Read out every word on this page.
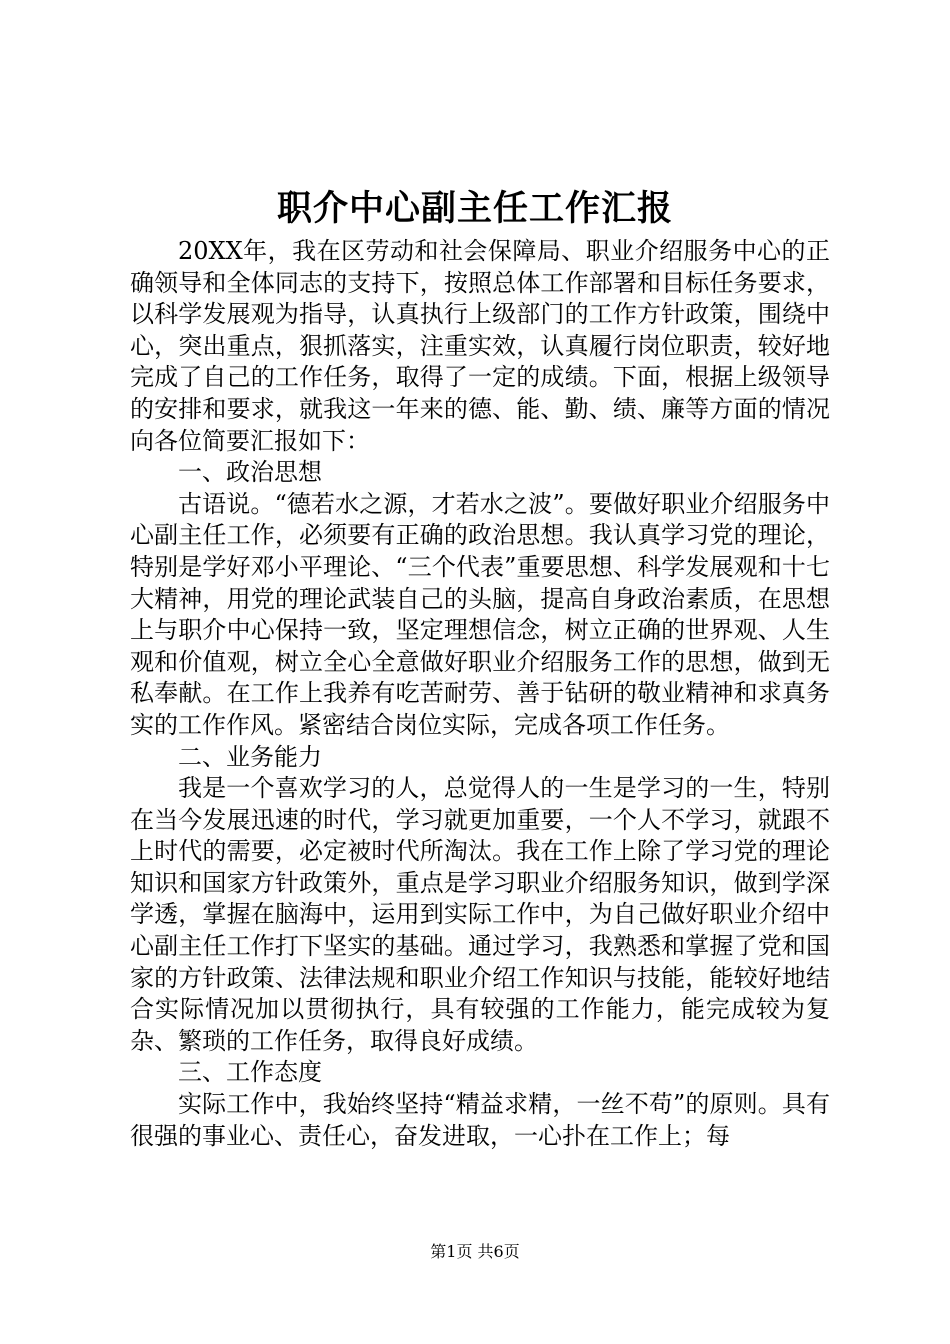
职介中心副主任工作汇报

20XX年，我在区劳动和社会保障局、职业介绍服务中心的正确领导和全体同志的支持下，按照总体工作部署和目标任务要求，以科学发展观为指导，认真执行上级部门的工作方针政策，围绕中心，突出重点，狠抓落实，注重实效，认真履行岗位职责，较好地完成了自己的工作任务，取得了一定的成绩。下面，根据上级领导的安排和要求，就我这一年来的德、能、勤、绩、廉等方面的情况向各位简要汇报如下：

一、政治思想

古语说。“德若水之源，才若水之波”。要做好职业介绍服务中心副主任工作，必须要有正确的政治思想。我认真学习党的理论，特别是学好邓小平理论、“三个代表”重要思想、科学发展观和十七大精神，用党的理论武装自己的头脑，提高自身政治素质，在思想上与职介中心保持一致，坚定理想信念，树立正确的世界观、人生观和价值观，树立全心全意做好职业介绍服务工作的思想，做到无私奉献。在工作上我养有吃苦耐劳、善于钻研的敬业精神和求真务实的工作作风。紧密结合岗位实际，完成各项工作任务。

二、业务能力

我是一个喜欢学习的人，总觉得人的一生是学习的一生，特别在当今发展迅速的时代，学习就更加重要，一个人不学习，就跟不上时代的需要，必定被时代所淘汰。我在工作上除了学习党的理论知识和国家方针政策外，重点是学习职业介绍服务知识，做到学深学透，掌握在脑海中，运用到实际工作中，为自己做好职业介绍中心副主任工作打下坚实的基础。通过学习，我熟悉和掌握了党和国家的方针政策、法律法规和职业介绍工作知识与技能，能较好地结合实际情况加以贯彻执行，具有较强的工作能力，能完成较为复杂、繁琐的工作任务，取得良好成绩。

三、工作态度

实际工作中，我始终坚持“精益求精，一丝不苟”的原则。具有很强的事业心、责任心，奋发进取，一心扑在工作上；每

第1页 共6页
